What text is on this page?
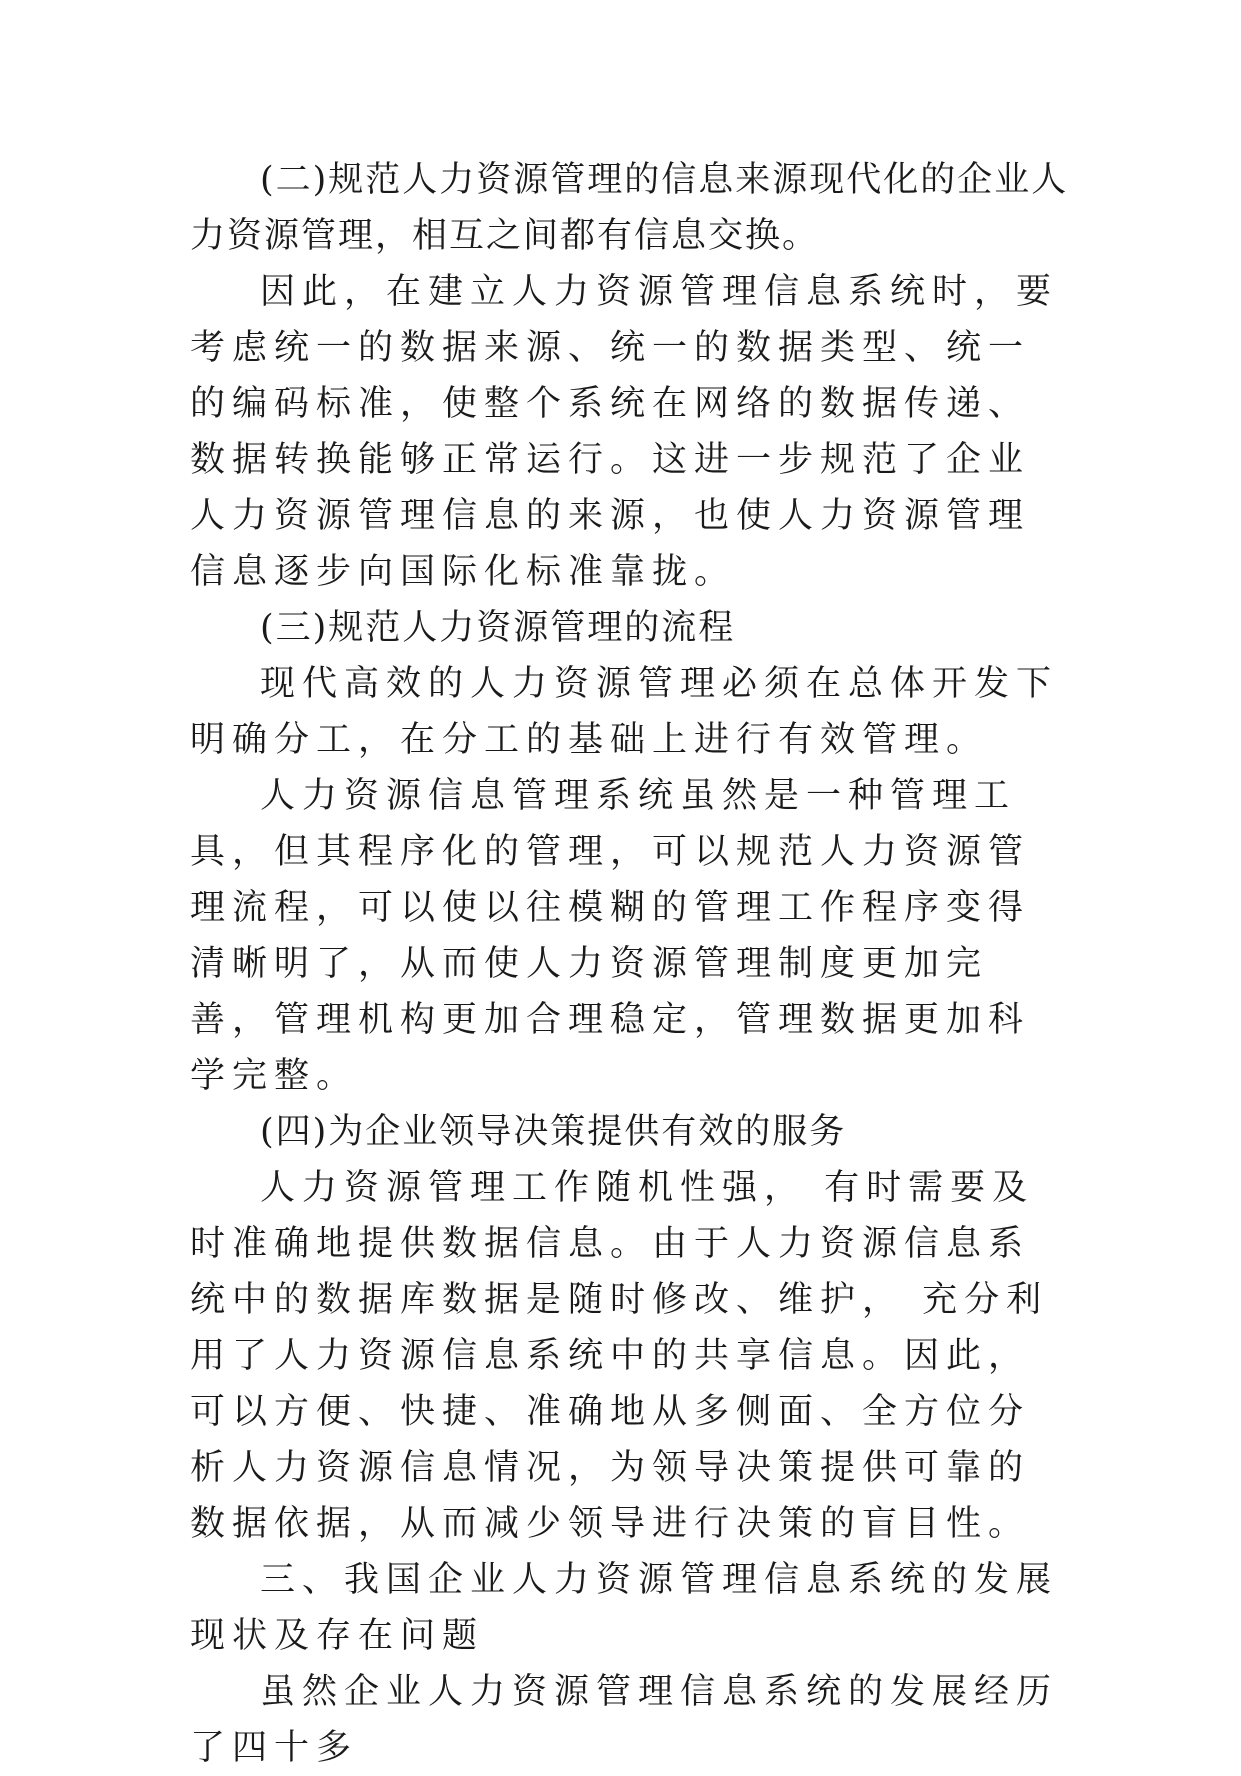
(二)规范人力资源管理的信息来源现代化的企业人力资源管理，相互之间都有信息交换。

因此，在建立人力资源管理信息系统时，要考虑统一的数据来源、统一的数据类型、统一的编码标准，使整个系统在网络的数据传递、数据转换能够正常运行。这进一步规范了企业人力资源管理信息的来源，也使人力资源管理信息逐步向国际化标准靠拢。

(三)规范人力资源管理的流程

现代高效的人力资源管理必须在总体开发下明确分工，在分工的基础上进行有效管理。

人力资源信息管理系统虽然是一种管理工具，但其程序化的管理，可以规范人力资源管理流程，可以使以往模糊的管理工作程序变得清晰明了，从而使人力资源管理制度更加完善，管理机构更加合理稳定，管理数据更加科学完整。

(四)为企业领导决策提供有效的服务

人力资源管理工作随机性强， 有时需要及时准确地提供数据信息。由于人力资源信息系统中的数据库数据是随时修改、维护， 充分利用了人力资源信息系统中的共享信息。因此，可以方便、快捷、准确地从多侧面、全方位分析人力资源信息情况，为领导决策提供可靠的数据依据，从而减少领导进行决策的盲目性。

三、我国企业人力资源管理信息系统的发展现状及存在问题

虽然企业人力资源管理信息系统的发展经历了四十多
